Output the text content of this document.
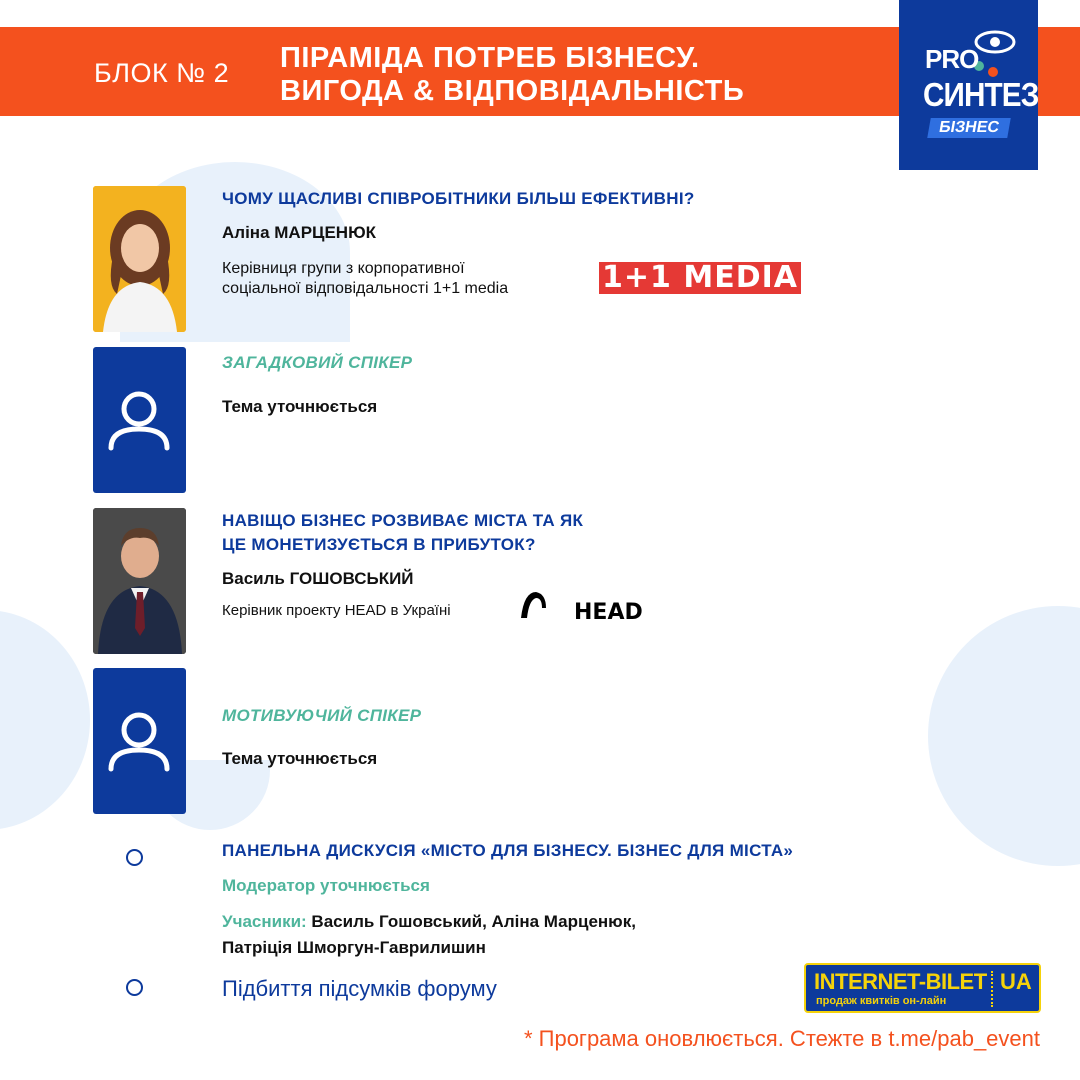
БЛОК № 2 ПІРАМІДА ПОТРЕБ БІЗНЕСУ.
ВИГОДА & ВІДПОВІДАЛЬНІСТЬ
PRO
СИНТЕЗ
БІЗНЕС
ЧОМУ ЩАСЛИВІ СПІВРОБІТНИКИ БІЛЬШ ЕФЕКТИВНІ?
Аліна МАРЦЕНЮК
Керівниця групи з корпоративної
соціальної відповідальності 1+1 media	1+1 MEDIA
ЗАГАДКОВИЙ СПІКЕР
Тема уточнюється
НАВІЩО БІЗНЕС РОЗВИВАЄ МІСТА ТА ЯК
ЦЕ МОНЕТИЗУЄТЬСЯ В ПРИБУТОК?
Василь ГОШОВСЬКИЙ
Керівник проекту HEAD в Україні	HEAD
МОТИВУЮЧИЙ СПІКЕР
Тема уточнюється
ПАНЕЛЬНА ДИСКУСІЯ «МІСТО ДЛЯ БІЗНЕСУ. БІЗНЕС ДЛЯ МІСТА»
Модератор уточнюється
Учасники: Василь Гошовський, Аліна Марценюк,
Патріція Шморгун-Гаврилишин
Підбиття підсумків форуму	INTERNET-BILET UA
продаж квитків он-лайн
* Програма оновлюється. Стежте в t.me/pab_event
